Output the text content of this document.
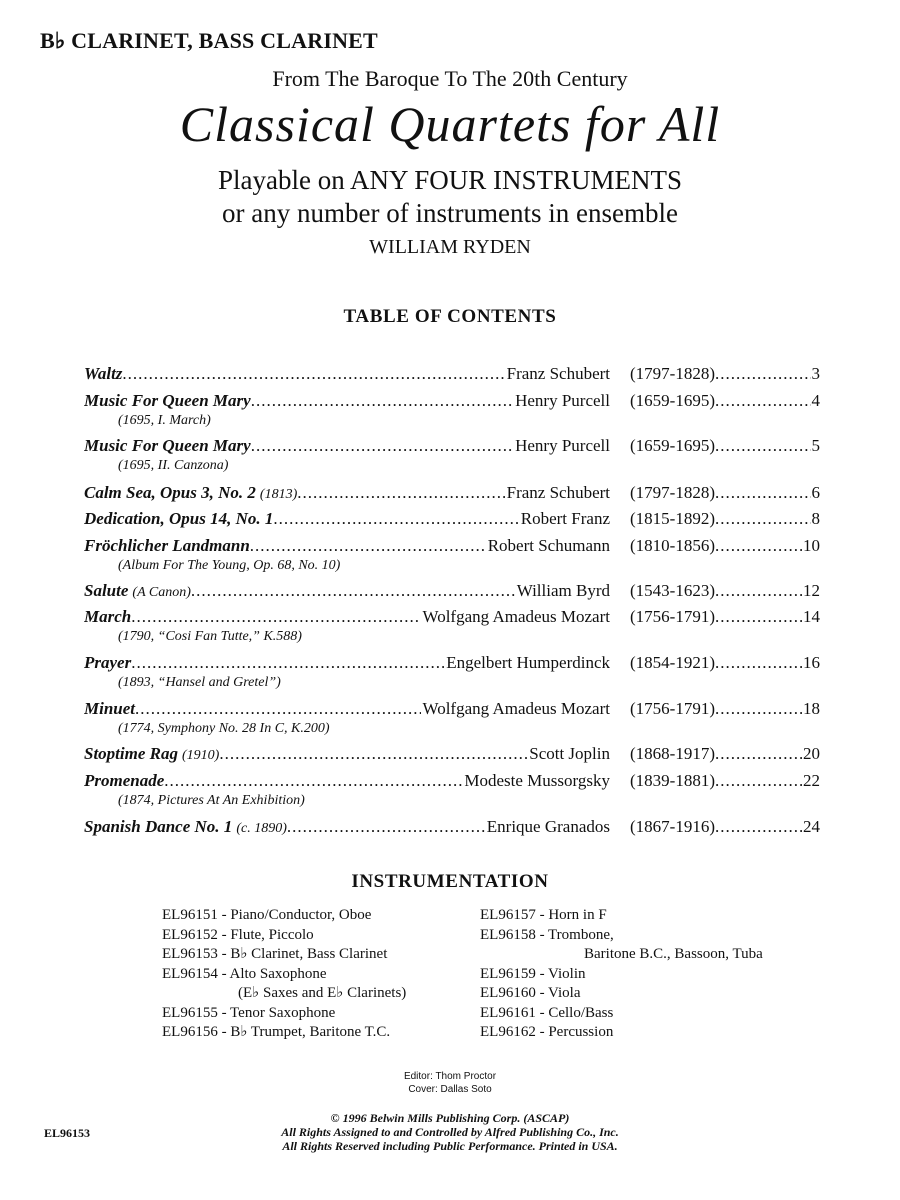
B♭ CLARINET, BASS CLARINET
From The Baroque To The 20th Century
Classical Quartets for All
Playable on ANY FOUR INSTRUMENTS
or any number of instruments in ensemble
WILLIAM RYDEN
TABLE OF CONTENTS
Waltz .....	Franz Schubert (1797-1828) .....	3
Music For Queen Mary .....	Henry Purcell (1659-1695) .....	4
(1695, I. March)
Music For Queen Mary .....	Henry Purcell (1659-1695) .....	5
(1695, II. Canzona)
Calm Sea, Opus 3, No. 2 (1813) .....	Franz Schubert (1797-1828) .....	6
Dedication, Opus 14, No. 1 .....	Robert Franz (1815-1892) .....	8
Fröchlicher Landmann .....	Robert Schumann (1810-1856) .....	10
(Album For The Young, Op. 68, No. 10)
Salute (A Canon) .....	William Byrd (1543-1623) .....	12
March .....	Wolfgang Amadeus Mozart (1756-1791) .....	14
(1790, “Cosi Fan Tutte,” K.588)
Prayer .....	Engelbert Humperdinck (1854-1921) .....	16
(1893, “Hansel and Gretel”)
Minuet .....	Wolfgang Amadeus Mozart (1756-1791) .....	18
(1774, Symphony No. 28 In C, K.200)
Stoptime Rag (1910) .....	Scott Joplin (1868-1917) .....	20
Promenade .....	Modeste Mussorgsky (1839-1881) .....	22
(1874, Pictures At An Exhibition)
Spanish Dance No. 1 (c. 1890) .....	Enrique Granados (1867-1916) .....	24
INSTRUMENTATION
EL96151 - Piano/Conductor, Oboe
EL96152 - Flute, Piccolo
EL96153 - B♭ Clarinet, Bass Clarinet
EL96154 - Alto Saxophone
(E♭ Saxes and E♭ Clarinets)
EL96155 - Tenor Saxophone
EL96156 - B♭ Trumpet, Baritone T.C.
EL96157 - Horn in F
EL96158 - Trombone,
Baritone B.C., Bassoon, Tuba
EL96159 - Violin
EL96160 - Viola
EL96161 - Cello/Bass
EL96162 - Percussion
Editor: Thom Proctor
Cover: Dallas Soto
© 1996 Belwin Mills Publishing Corp. (ASCAP)
All Rights Assigned to and Controlled by Alfred Publishing Co., Inc.
All Rights Reserved including Public Performance. Printed in USA.
EL96153
